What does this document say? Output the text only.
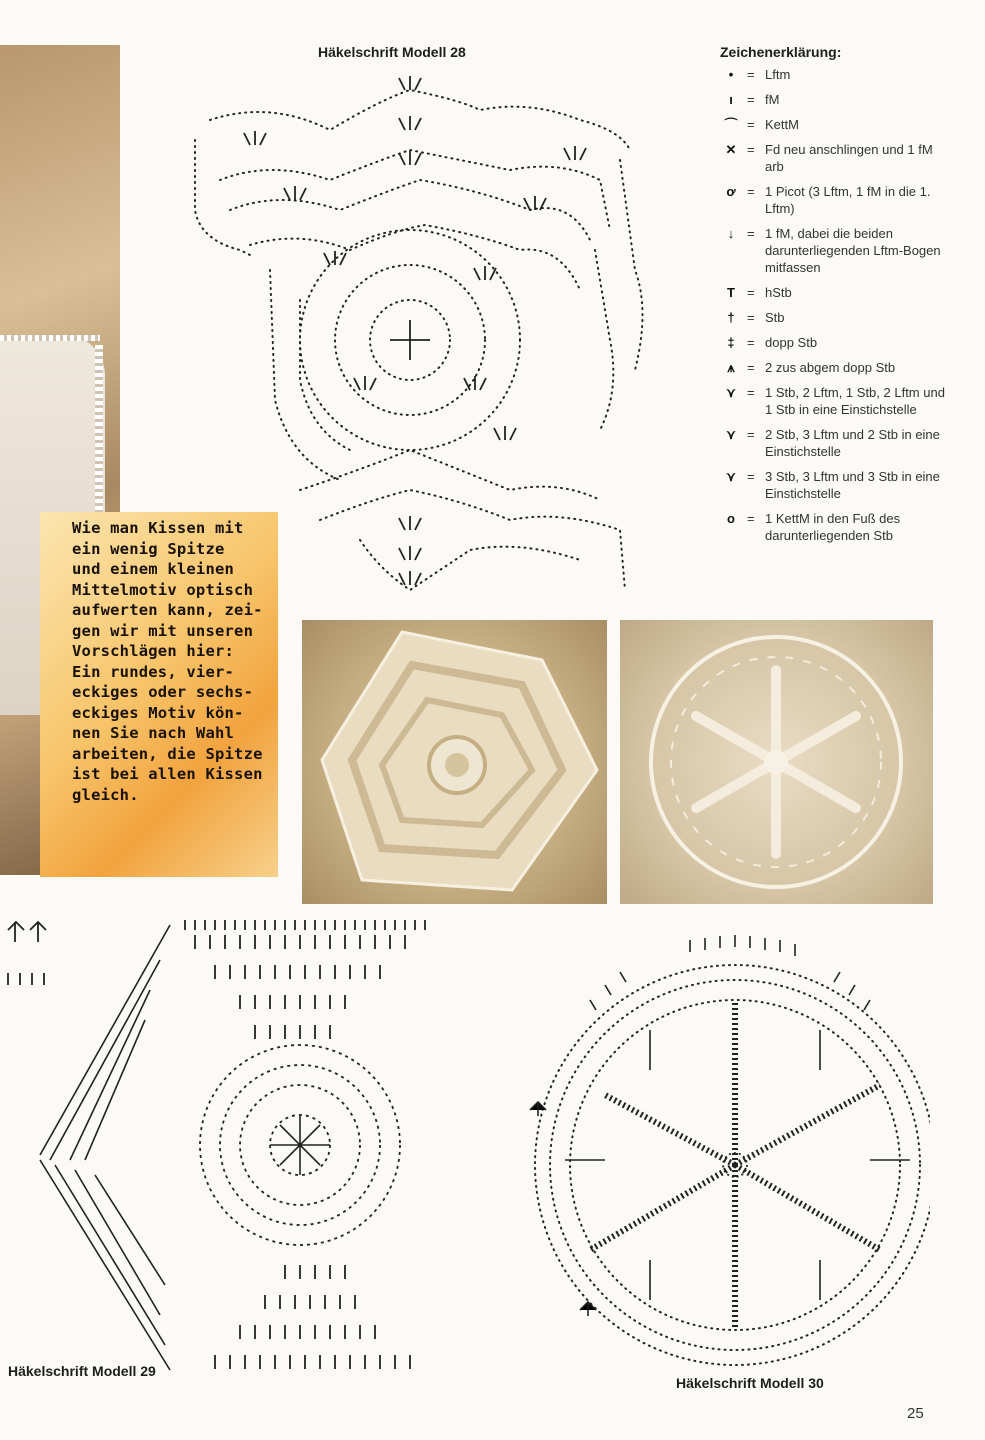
Wie man Kissen mit

ein wenig Spitze

und einem kleinen

Mittelmotiv optisch

aufwerten kann, zei-

gen wir mit unseren

Vorschlägen hier:

Ein rundes, vier-

eckiges oder sechs-

eckiges Motiv kön-

nen Sie nach Wahl

arbeiten, die Spitze

ist bei allen Kissen

gleich.

Häkelschrift Modell 28
Häkelschrift Modell 29
Häkelschrift Modell 30
Zeichenerklärung:
•	= Lftm
ı	= fM
⌒ = KettM
✕ = Fd neu anschlingen und 1 fM arb
ơ = 1 Picot (3 Lftm, 1 fM in die 1. Lftm)
↓ = 1 fM, dabei die beiden darunterliegenden Lftm-Bogen mitfassen
T = hStb
† = Stb
‡ = dopp Stb
⩚ = 2 zus abgem dopp Stb
⋎ = 1 Stb, 2 Lftm, 1 Stb, 2 Lftm und 1 Stb in eine Einstichstelle
⋎ = 2 Stb, 3 Lftm und 2 Stb in eine Einstichstelle
⋎ = 3 Stb, 3 Lftm und 3 Stb in eine Einstichstelle
o = 1 KettM in den Fuß des darunterliegenden Stb
25
